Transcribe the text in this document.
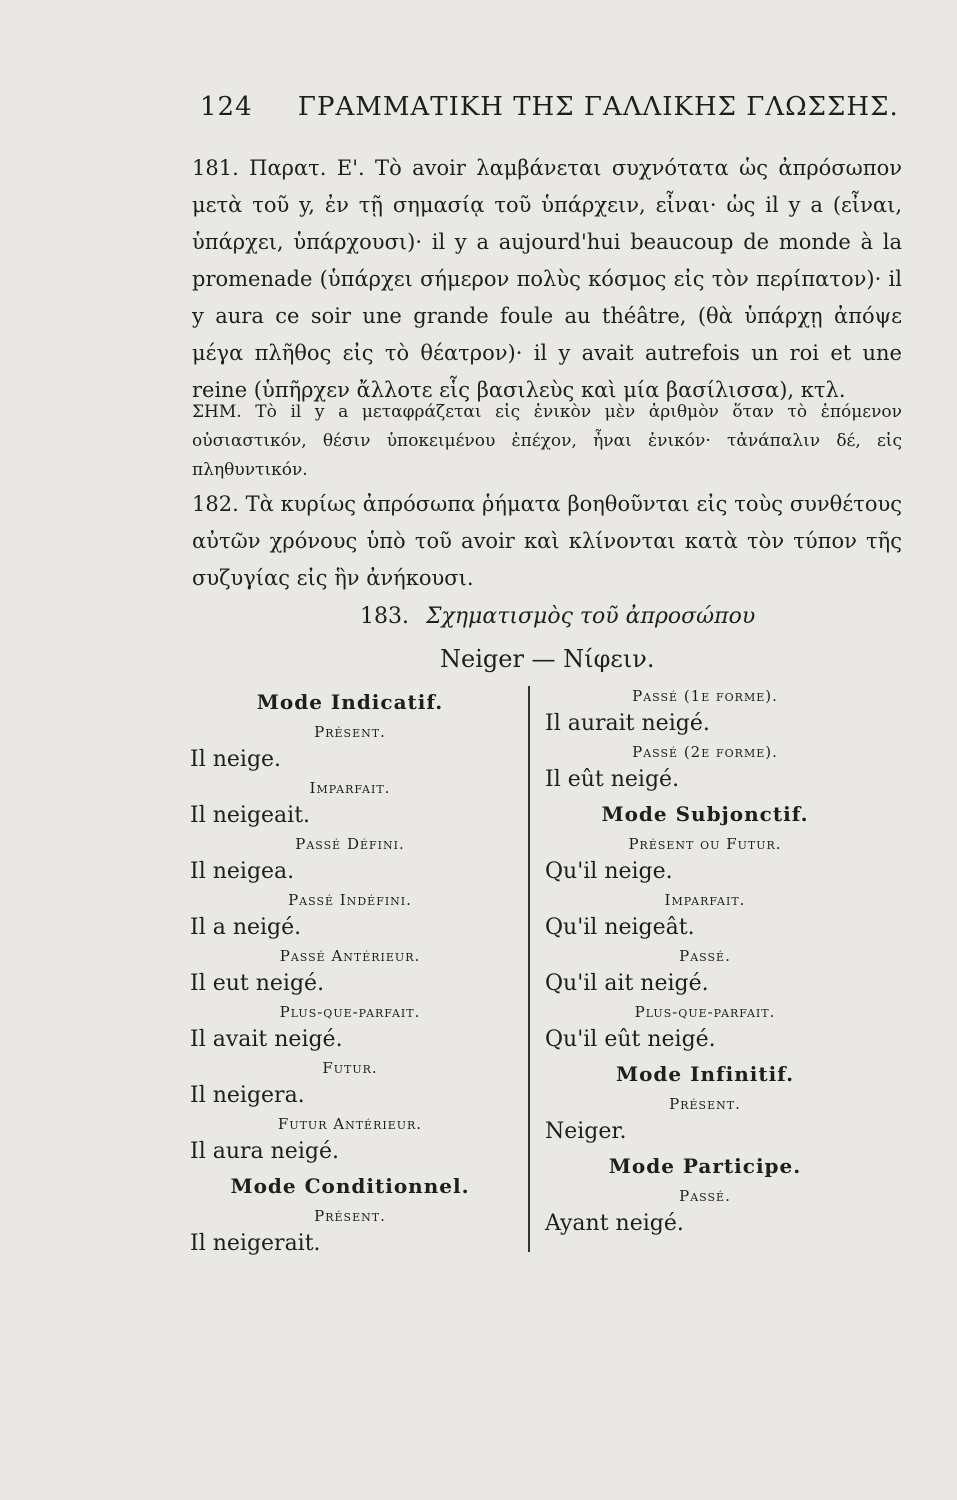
124 ΓΡΑΜΜΑΤΙΚΗ ΤΗΣ ΓΑΛΛΙΚΗΣ ΓΛΩΣΣΗΣ.

181. Παρατ. Ε'. Τὸ avoir λαμβάνεται συχνότατα ὡς ἀπρόσωπον μετὰ τοῦ y, ἐν τῇ σημασίᾳ τοῦ ὑπάρχειν, εἶναι· ὡς il y a (εἶναι, ὑπάρχει, ὑπάρχουσι)· il y a aujourd'hui beaucoup de monde à la promenade (ὑπάρχει σήμερον πολὺς κόσμος εἰς τὸν περίπατον)· il y aura ce soir une grande foule au théâtre, (θὰ ὑπάρχῃ ἀπόψε μέγα πλῆθος εἰς τὸ θέατρον)· il y avait autrefois un roi et une reine (ὑπῆρχεν ἄλλοτε εἷς βασιλεὺς καὶ μία βασίλισσα), κτλ.

ΣΗΜ. Τὸ il y a μεταφράζεται εἰς ἑνικὸν μὲν ἀριθμὸν ὅταν τὸ ἑπόμενον οὐσιαστικόν, θέσιν ὑποκειμένου ἐπέχον, ἦναι ἑνικόν· τἀνάπαλιν δέ, εἰς πληθυντικόν.

182. Τὰ κυρίως ἀπρόσωπα ῥήματα βοηθοῦνται εἰς τοὺς συνθέτους αὐτῶν χρόνους ὑπὸ τοῦ avoir καὶ κλίνονται κατὰ τὸν τύπον τῆς συζυγίας εἰς ἣν ἀνήκουσι.

183. Σχηματισμὸς τοῦ ἀπροσώπου
Neiger — Νίφειν.
Mode Indicatif.
Présent.
Il neige.
Imparfait.
Il neigeait.
Passé Défini.
Il neigea.
Passé Indéfini.
Il a neigé.
Passé Antérieur.
Il eut neigé.
Plus-que-parfait.
Il avait neigé.
Futur.
Il neigera.
Futur Antérieur.
Il aura neigé.
Mode Conditionnel.
Présent.
Il neigerait.
Passé (1e forme).
Il aurait neigé.
Passé (2e forme).
Il eût neigé.
Mode Subjonctif.
Présent ou Futur.
Qu'il neige.
Imparfait.
Qu'il neigeât.
Passé.
Qu'il ait neigé.
Plus-que-parfait.
Qu'il eût neigé.
Mode Infinitif.
Présent.
Neiger.
Mode Participe.
Passé.
Ayant neigé.
